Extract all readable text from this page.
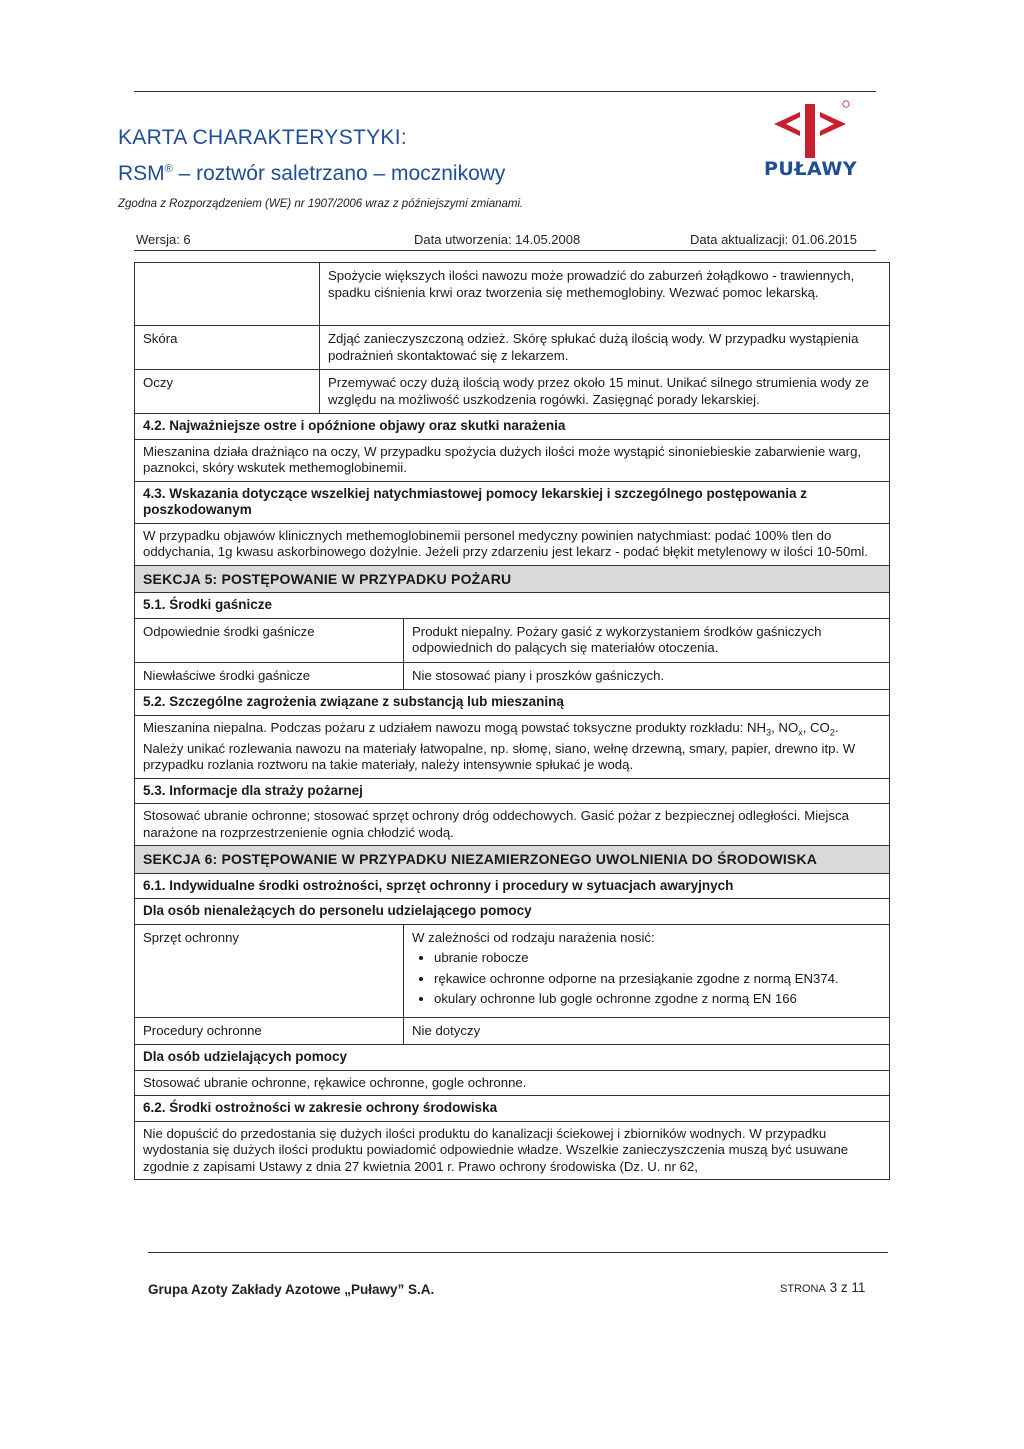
KARTA CHARAKTERYSTYKI:
RSM® – roztwór saletrzano – mocznikowy
Zgodna z Rozporządzeniem (WE) nr 1907/2006 wraz z późniejszymi zmianami.
PUŁAWY
Wersja: 6	Data utworzenia: 14.05.2008	Data aktualizacji: 01.06.2015
Spożycie większych ilości nawozu może prowadzić do zaburzeń żołądkowo - trawiennych, spadku ciśnienia krwi oraz tworzenia się methemoglobiny. Wezwać pomoc lekarską.
Skóra	Zdjąć zanieczyszczoną odzież. Skórę spłukać dużą ilością wody. W przypadku wystąpienia podrażnień skontaktować się z lekarzem.
Oczy	Przemywać oczy dużą ilością wody przez około 15 minut. Unikać silnego strumienia wody ze względu na możliwość uszkodzenia rogówki. Zasięgnąć porady lekarskiej.
4.2. Najważniejsze ostre i opóźnione objawy oraz skutki narażenia
Mieszanina działa drażniąco na oczy, W przypadku spożycia dużych ilości może wystąpić sinoniebieskie zabarwienie warg, paznokci, skóry wskutek methemoglobinemii.
4.3. Wskazania dotyczące wszelkiej natychmiastowej pomocy lekarskiej i szczególnego postępowania z poszkodowanym
W przypadku objawów klinicznych methemoglobinemii personel medyczny powinien natychmiast: podać 100% tlen do oddychania, 1g kwasu askorbinowego dożylnie. Jeżeli przy zdarzeniu jest lekarz - podać błękit metylenowy w ilości 10-50ml.
SEKCJA 5: POSTĘPOWANIE W PRZYPADKU POŻARU
5.1. Środki gaśnicze
Odpowiednie środki gaśnicze	Produkt niepalny. Pożary gasić z wykorzystaniem środków gaśniczych odpowiednich do palących się materiałów otoczenia.
Niewłaściwe środki gaśnicze	Nie stosować piany i proszków gaśniczych.
5.2. Szczególne zagrożenia związane z substancją lub mieszaniną
Mieszanina niepalna. Podczas pożaru z udziałem nawozu mogą powstać toksyczne produkty rozkładu: $NH_3$, $NO_x$, $CO_2$. Należy unikać rozlewania nawozu na materiały łatwopalne, np. słomę, siano, wełnę drzewną, smary, papier, drewno itp. W przypadku rozlania roztworu na takie materiały, należy intensywnie spłukać je wodą.
5.3. Informacje dla straży pożarnej
Stosować ubranie ochronne; stosować sprzęt ochrony dróg oddechowych. Gasić pożar z bezpiecznej odległości. Miejsca narażone na rozprzestrzenienie ognia chłodzić wodą.
SEKCJA 6: POSTĘPOWANIE W PRZYPADKU NIEZAMIERZONEGO UWOLNIENIA DO ŚRODOWISKA
6.1. Indywidualne środki ostrożności, sprzęt ochronny i procedury w sytuacjach awaryjnych
Dla osób nienależących do personelu udzielającego pomocy
Sprzęt ochronny	W zależności od rodzaju narażenia nosić:
• ubranie robocze
• rękawice ochronne odporne na przesiąkanie zgodne z normą EN374.
• okulary ochronne lub gogle ochronne zgodne z normą EN 166
Procedury ochronne	Nie dotyczy
Dla osób udzielających pomocy
Stosować ubranie ochronne, rękawice ochronne, gogle ochronne.
6.2. Środki ostrożności w zakresie ochrony środowiska
Nie dopuścić do przedostania się dużych ilości produktu do kanalizacji ściekowej i zbiorników wodnych. W przypadku wydostania się dużych ilości produktu powiadomić odpowiednie władze. Wszelkie zanieczyszczenia muszą być usuwane zgodnie z zapisami Ustawy z dnia 27 kwietnia 2001 r. Prawo ochrony środowiska (Dz. U. nr 62,
Grupa Azoty Zakłady Azotowe „Puławy” S.A.	STRONA 3 z 11
